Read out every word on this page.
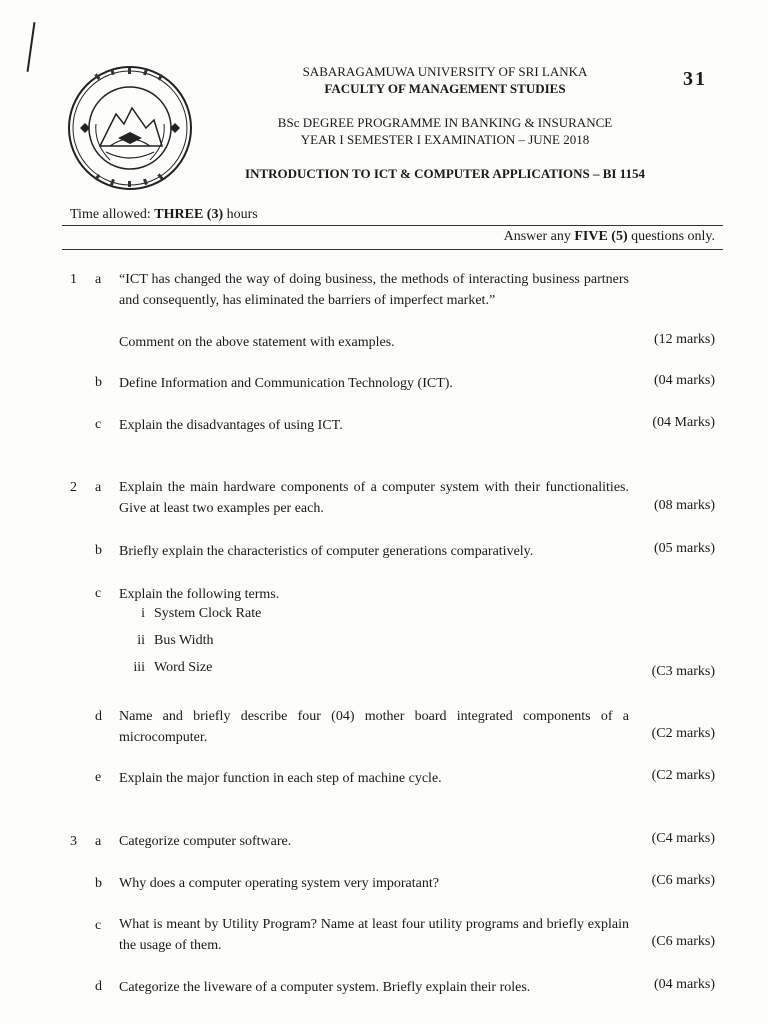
SABARAGAMUWA UNIVERSITY OF SRI LANKA
FACULTY OF MANAGEMENT STUDIES
BSc DEGREE PROGRAMME IN BANKING & INSURANCE
YEAR I SEMESTER I EXAMINATION – JUNE 2018
INTRODUCTION TO ICT & COMPUTER APPLICATIONS – BI 1154
31
Time allowed: THREE (3) hours
Answer any FIVE (5) questions only.
1 a “ICT has changed the way of doing business, the methods of interacting business partners and consequently, has eliminated the barriers of imperfect market.”
Comment on the above statement with examples.	(12 marks)
b Define Information and Communication Technology (ICT).	(04 marks)
c Explain the disadvantages of using ICT.	(04 Marks)
2 a Explain the main hardware components of a computer system with their functionalities. Give at least two examples per each.	(08 marks)
b Briefly explain the characteristics of computer generations comparatively.	(05 marks)
c Explain the following terms.
i System Clock Rate
ii Bus Width
iii Word Size	(C3 marks)
d Name and briefly describe four (04) mother board integrated components of a microcomputer.	(C2 marks)
e Explain the major function in each step of machine cycle.	(C2 marks)
3 a Categorize computer software.	(C4 marks)
b Why does a computer operating system very imporatant?	(C6 marks)
c What is meant by Utility Program? Name at least four utility programs and briefly explain the usage of them.	(C6 marks)
d Categorize the liveware of a computer system. Briefly explain their roles.	(04 marks)
